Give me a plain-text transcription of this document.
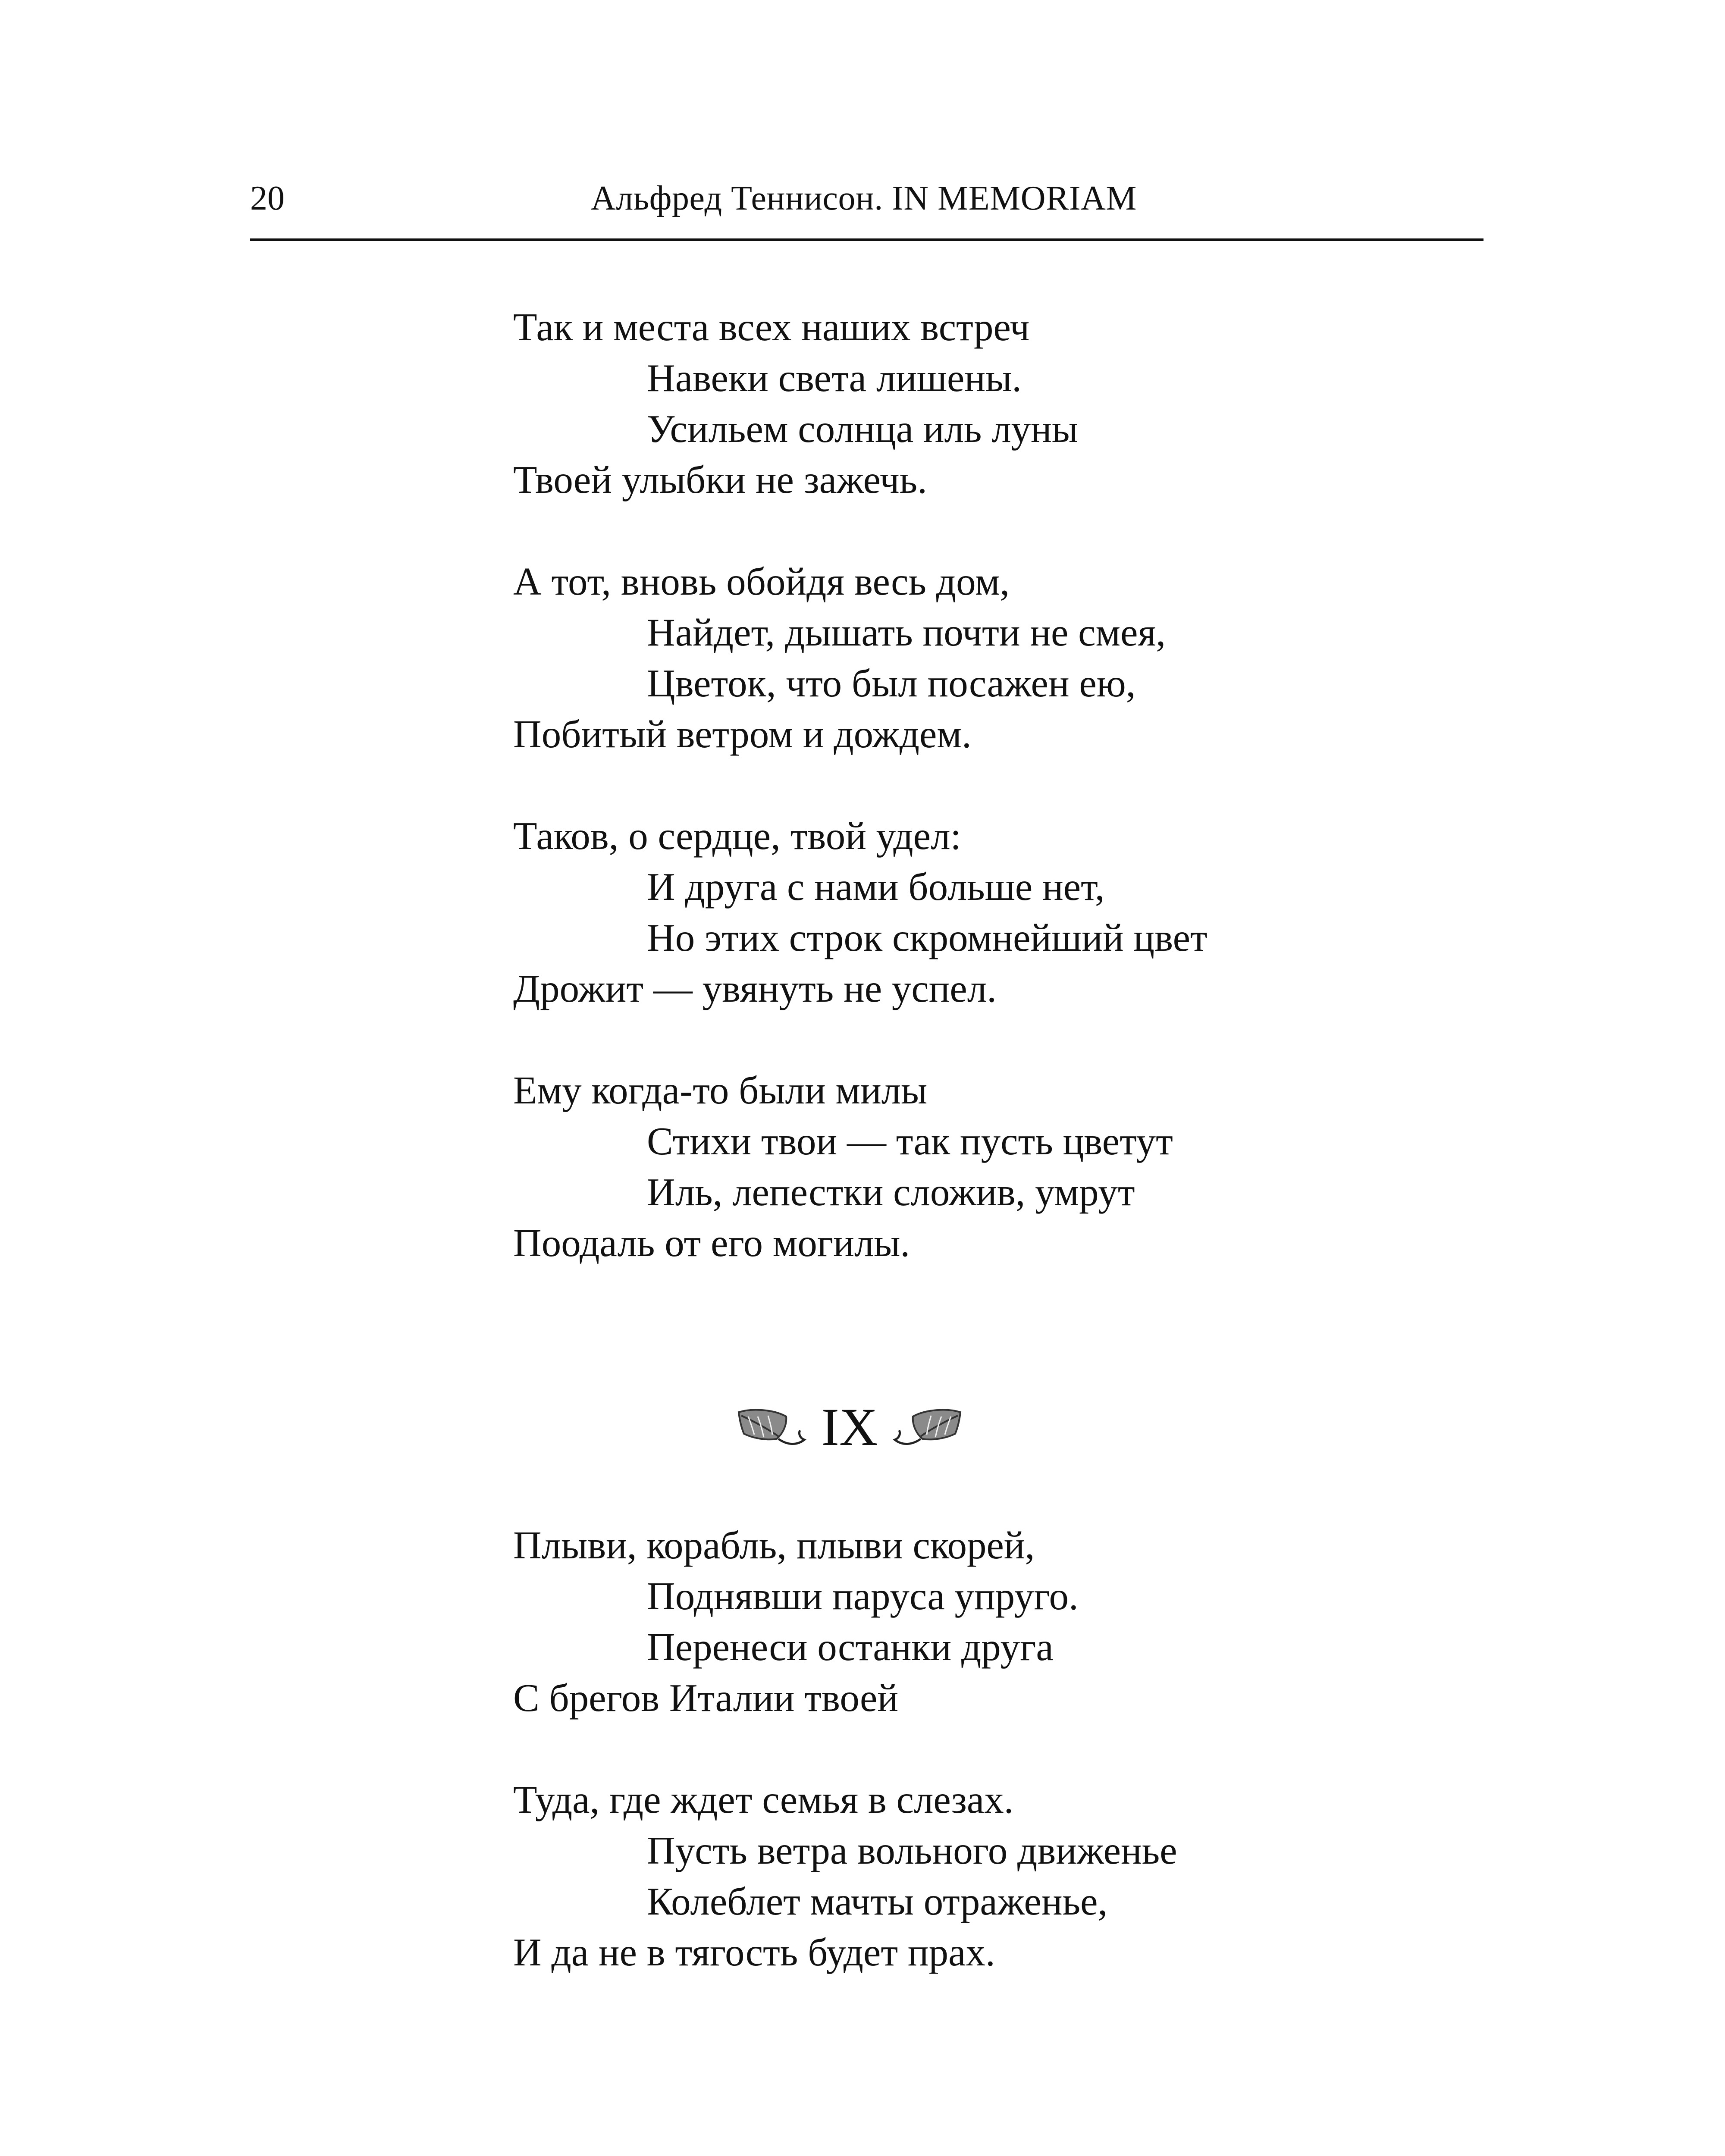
20	Альфред Теннисон. IN MEMORIAM
Так и места всех наших встреч
Навеки света лишены.
Усильем солнца иль луны
Твоей улыбки не зажечь.
А тот, вновь обойдя весь дом,
Найдет, дышать почти не смея,
Цветок, что был посажен ею,
Побитый ветром и дождем.
Таков, о сердце, твой удел:
И друга с нами больше нет,
Но этих строк скромнейший цвет
Дрожит — увянуть не успел.
Ему когда-то были милы
Стихи твои — так пусть цветут
Иль, лепестки сложив, умрут
Поодаль от его могилы.
IX
Плыви, корабль, плыви скорей,
Поднявши паруса упруго.
Перенеси останки друга
С брегов Италии твоей
Туда, где ждет семья в слезах.
Пусть ветра вольного движенье
Колеблет мачты отраженье,
И да не в тягость будет прах.
